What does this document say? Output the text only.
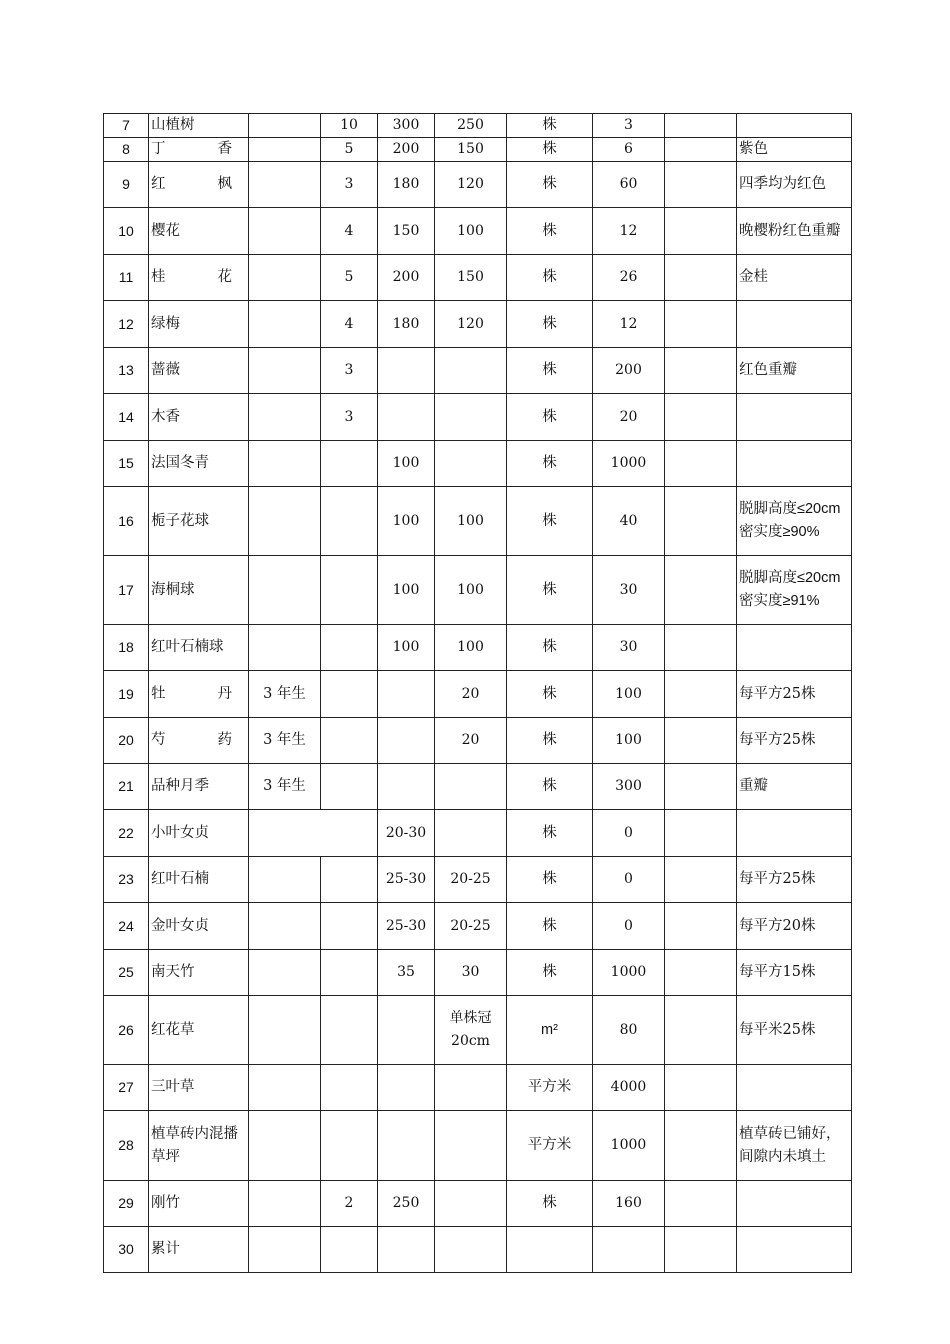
7	山植树		10	300	250	株	3		
8	丁香		5	200	150	株	6		紫色
9	红枫		3	180	120	株	60		四季均为红色
10	樱花		4	150	100	株	12		晚樱粉红色重瓣
11	桂花		5	200	150	株	26		金桂
12	绿梅		4	180	120	株	12		
13	蔷薇		3			株	200		红色重瓣
14	木香		3			株	20		
15	法国冬青			100		株	1000		
16	栀子花球			100	100	株	40		脱脚高度≤20cm 密实度≥90%
17	海桐球			100	100	株	30		脱脚高度≤20cm 密实度≥91%
18	红叶石楠球			100	100	株	30		
19	牡丹	3 年生			20	株	100		每平方25株
20	芍药	3 年生			20	株	100		每平方25株
21	品种月季	3 年生				株	300		重瓣
22	小叶女贞			20-30		株	0		
23	红叶石楠			25-30	20-25	株	0		每平方25株
24	金叶女贞			25-30	20-25	株	0		每平方20株
25	南天竹			35	30	株	1000		每平方15株
26	红花草				单株冠20cm	m²	80		每平米25株
27	三叶草					平方米	4000		
28	植草砖内混播草坪					平方米	1000		植草砖已铺好，间隙内未填土
29	刚竹		2	250		株	160		
30	累计								
